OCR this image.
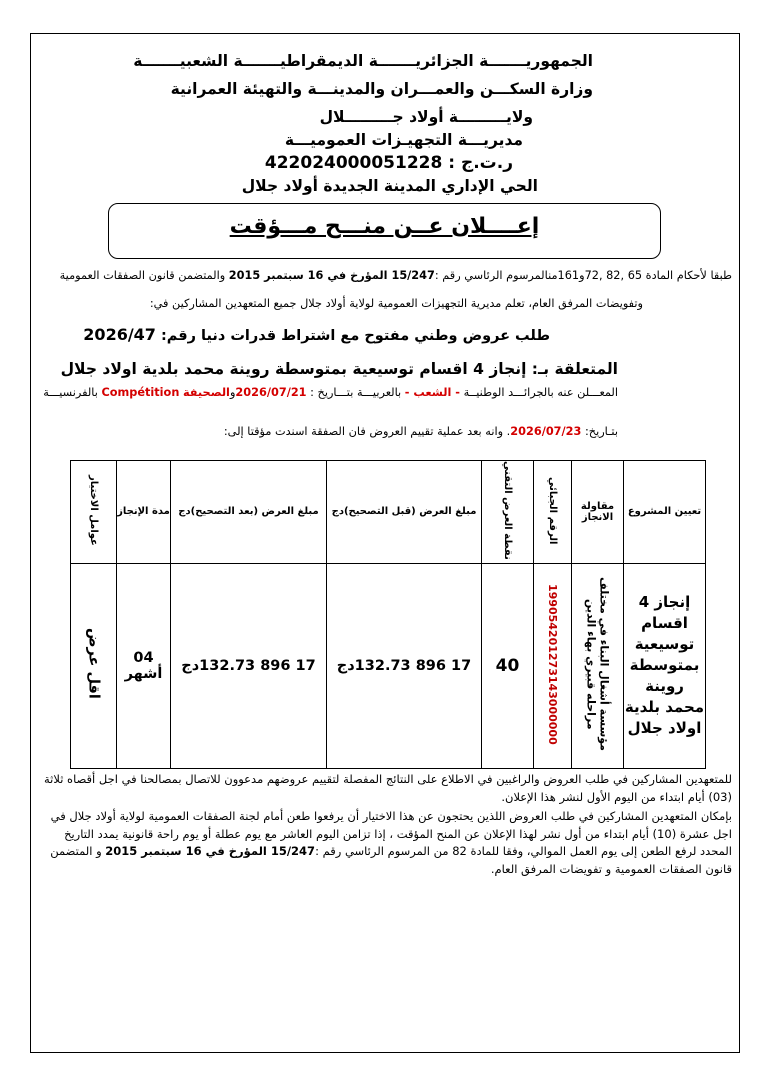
الجمهوريـــــــة الجزائريـــــــة الديمقراطيـــــــة الشعبيـــــــة
وزارة السكـــن والعمـــران والمدينـــة والتهيئة العمرانية
ولايـــــــــة أولاد جـــــــــلال
مديريـــة التجهيـزات العموميـــة
ر.ت.ج : 422024000051228
الحي الإداري المدينة الجديدة أولاد جلال
إعــــلان عــن منـــح مـــؤقت
طبقا لأحكام المادة 65 ,82 ,72و161منالمرسوم الرئاسي رقم :15/247 المؤرخ في 16 سبتمبر 2015 والمتضمن قانون الصفقات العمومية
وتفويضات المرفق العام، تعلم مديرية التجهيزات العمومية لولاية أولاد جلال جميع المتعهدين المشاركين في:
طلب عروض وطني مفتوح مع اشتراط قدرات دنيا رقم: 2026/47
المتعلقة بـ: إنجاز 4 اقسام توسيعية بمتوسطة روينة محمد بلدية اولاد جلال
المعـــلن عنه بالجرائـــد الوطنيــة - الشعب - بالعربيـــة بتـــاريخ : 2026/07/21والصحيفة Compétition بالفرنسيـــة
بتـاريخ: 2026/07/23. وانه بعد عملية تقييم العروض فان الصفقة اسندت مؤقتا إلى:
تعيين المشروع	مقاولة الانجاز	الرقم الجبائي	نقطة العرض التقني	مبلغ العرض (قبل التصحيح)دج	مبلغ العرض (بعد التصحيح)دج	مدة الإنجاز	عوامل الاختيار
إنجاز 4 اقسام توسيعية بمتوسطة روينة محمد بلدية اولاد جلال	مؤسسة أشغال البناء في مختلف مراحله قبيري بهاء الدين	199054201273143000000	40	17 896 132.73دج	17 896 132.73دج	04 أشهر	اقل عرض
للمتعهدين المشاركين في طلب العروض والراغبين في الاطلاع على النتائج المفصلة لتقييم عروضهم مدعوون للاتصال بمصالحنا في اجل أقصاه ثلاثة (03) أيام ابتداء من اليوم الأول لنشر هذا الإعلان.
بإمكان المتعهدين المشاركين في طلب العروض اللذين يحتجون عن هذا الاختيار أن يرفعوا طعن أمام لجنة الصفقات العمومية لولاية أولاد جلال في اجل عشرة (10) أيام ابتداء من أول نشر لهذا الإعلان عن المنح المؤقت ، إذا تزامن اليوم العاشر مع يوم عطلة أو يوم راحة قانونية يمدد التاريخ المحدد لرفع الطعن إلى يوم العمل الموالي، وفقا للمادة 82 من المرسوم الرئاسي رقم :15/247 المؤرخ في 16 سبتمبر 2015 و المتضمن قانون الصفقات العمومية و تفويضات المرفق العام.
